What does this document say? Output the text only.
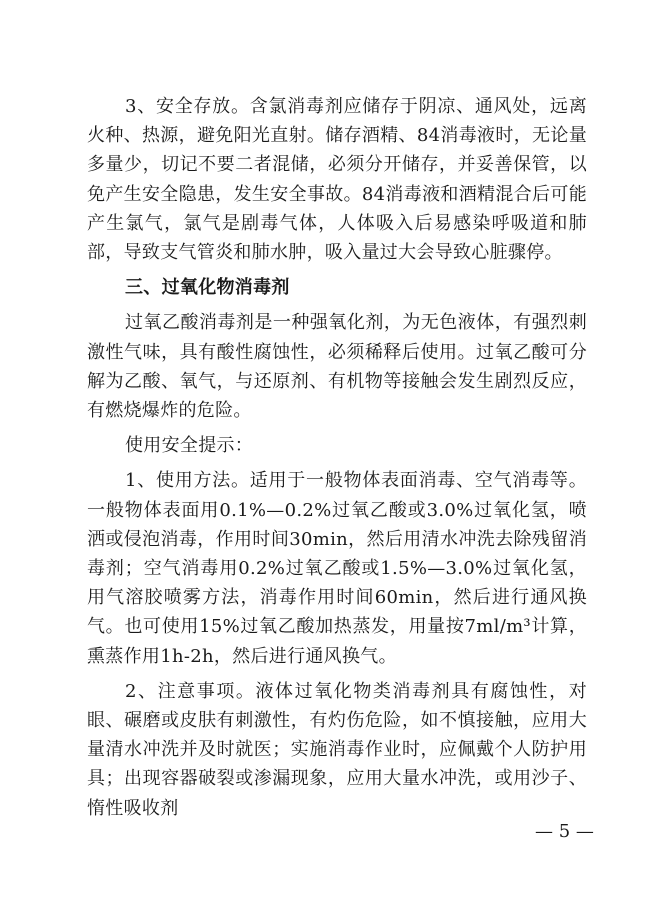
3、安全存放。含氯消毒剂应储存于阴凉、通风处，远离火种、热源，避免阳光直射。储存酒精、84消毒液时，无论量多量少，切记不要二者混储，必须分开储存，并妥善保管，以免产生安全隐患，发生安全事故。84消毒液和酒精混合后可能产生氯气，氯气是剧毒气体，人体吸入后易感染呼吸道和肺部，导致支气管炎和肺水肿，吸入量过大会导致心脏骤停。

三、过氧化物消毒剂

过氧乙酸消毒剂是一种强氧化剂，为无色液体，有强烈刺激性气味，具有酸性腐蚀性，必须稀释后使用。过氧乙酸可分解为乙酸、氧气，与还原剂、有机物等接触会发生剧烈反应，有燃烧爆炸的危险。

使用安全提示：

1、使用方法。适用于一般物体表面消毒、空气消毒等。一般物体表面用0.1%—0.2%过氧乙酸或3.0%过氧化氢，喷洒或侵泡消毒，作用时间30min，然后用清水冲洗去除残留消毒剂；空气消毒用0.2%过氧乙酸或1.5%—3.0%过氧化氢，用气溶胶喷雾方法，消毒作用时间60min，然后进行通风换气。也可使用15%过氧乙酸加热蒸发，用量按7ml/m³计算，熏蒸作用1h-2h，然后进行通风换气。

2、注意事项。液体过氧化物类消毒剂具有腐蚀性，对眼、碾磨或皮肤有刺激性，有灼伤危险，如不慎接触，应用大量清水冲洗并及时就医；实施消毒作业时，应佩戴个人防护用具；出现容器破裂或渗漏现象，应用大量水冲洗，或用沙子、惰性吸收剂

— 5 —
